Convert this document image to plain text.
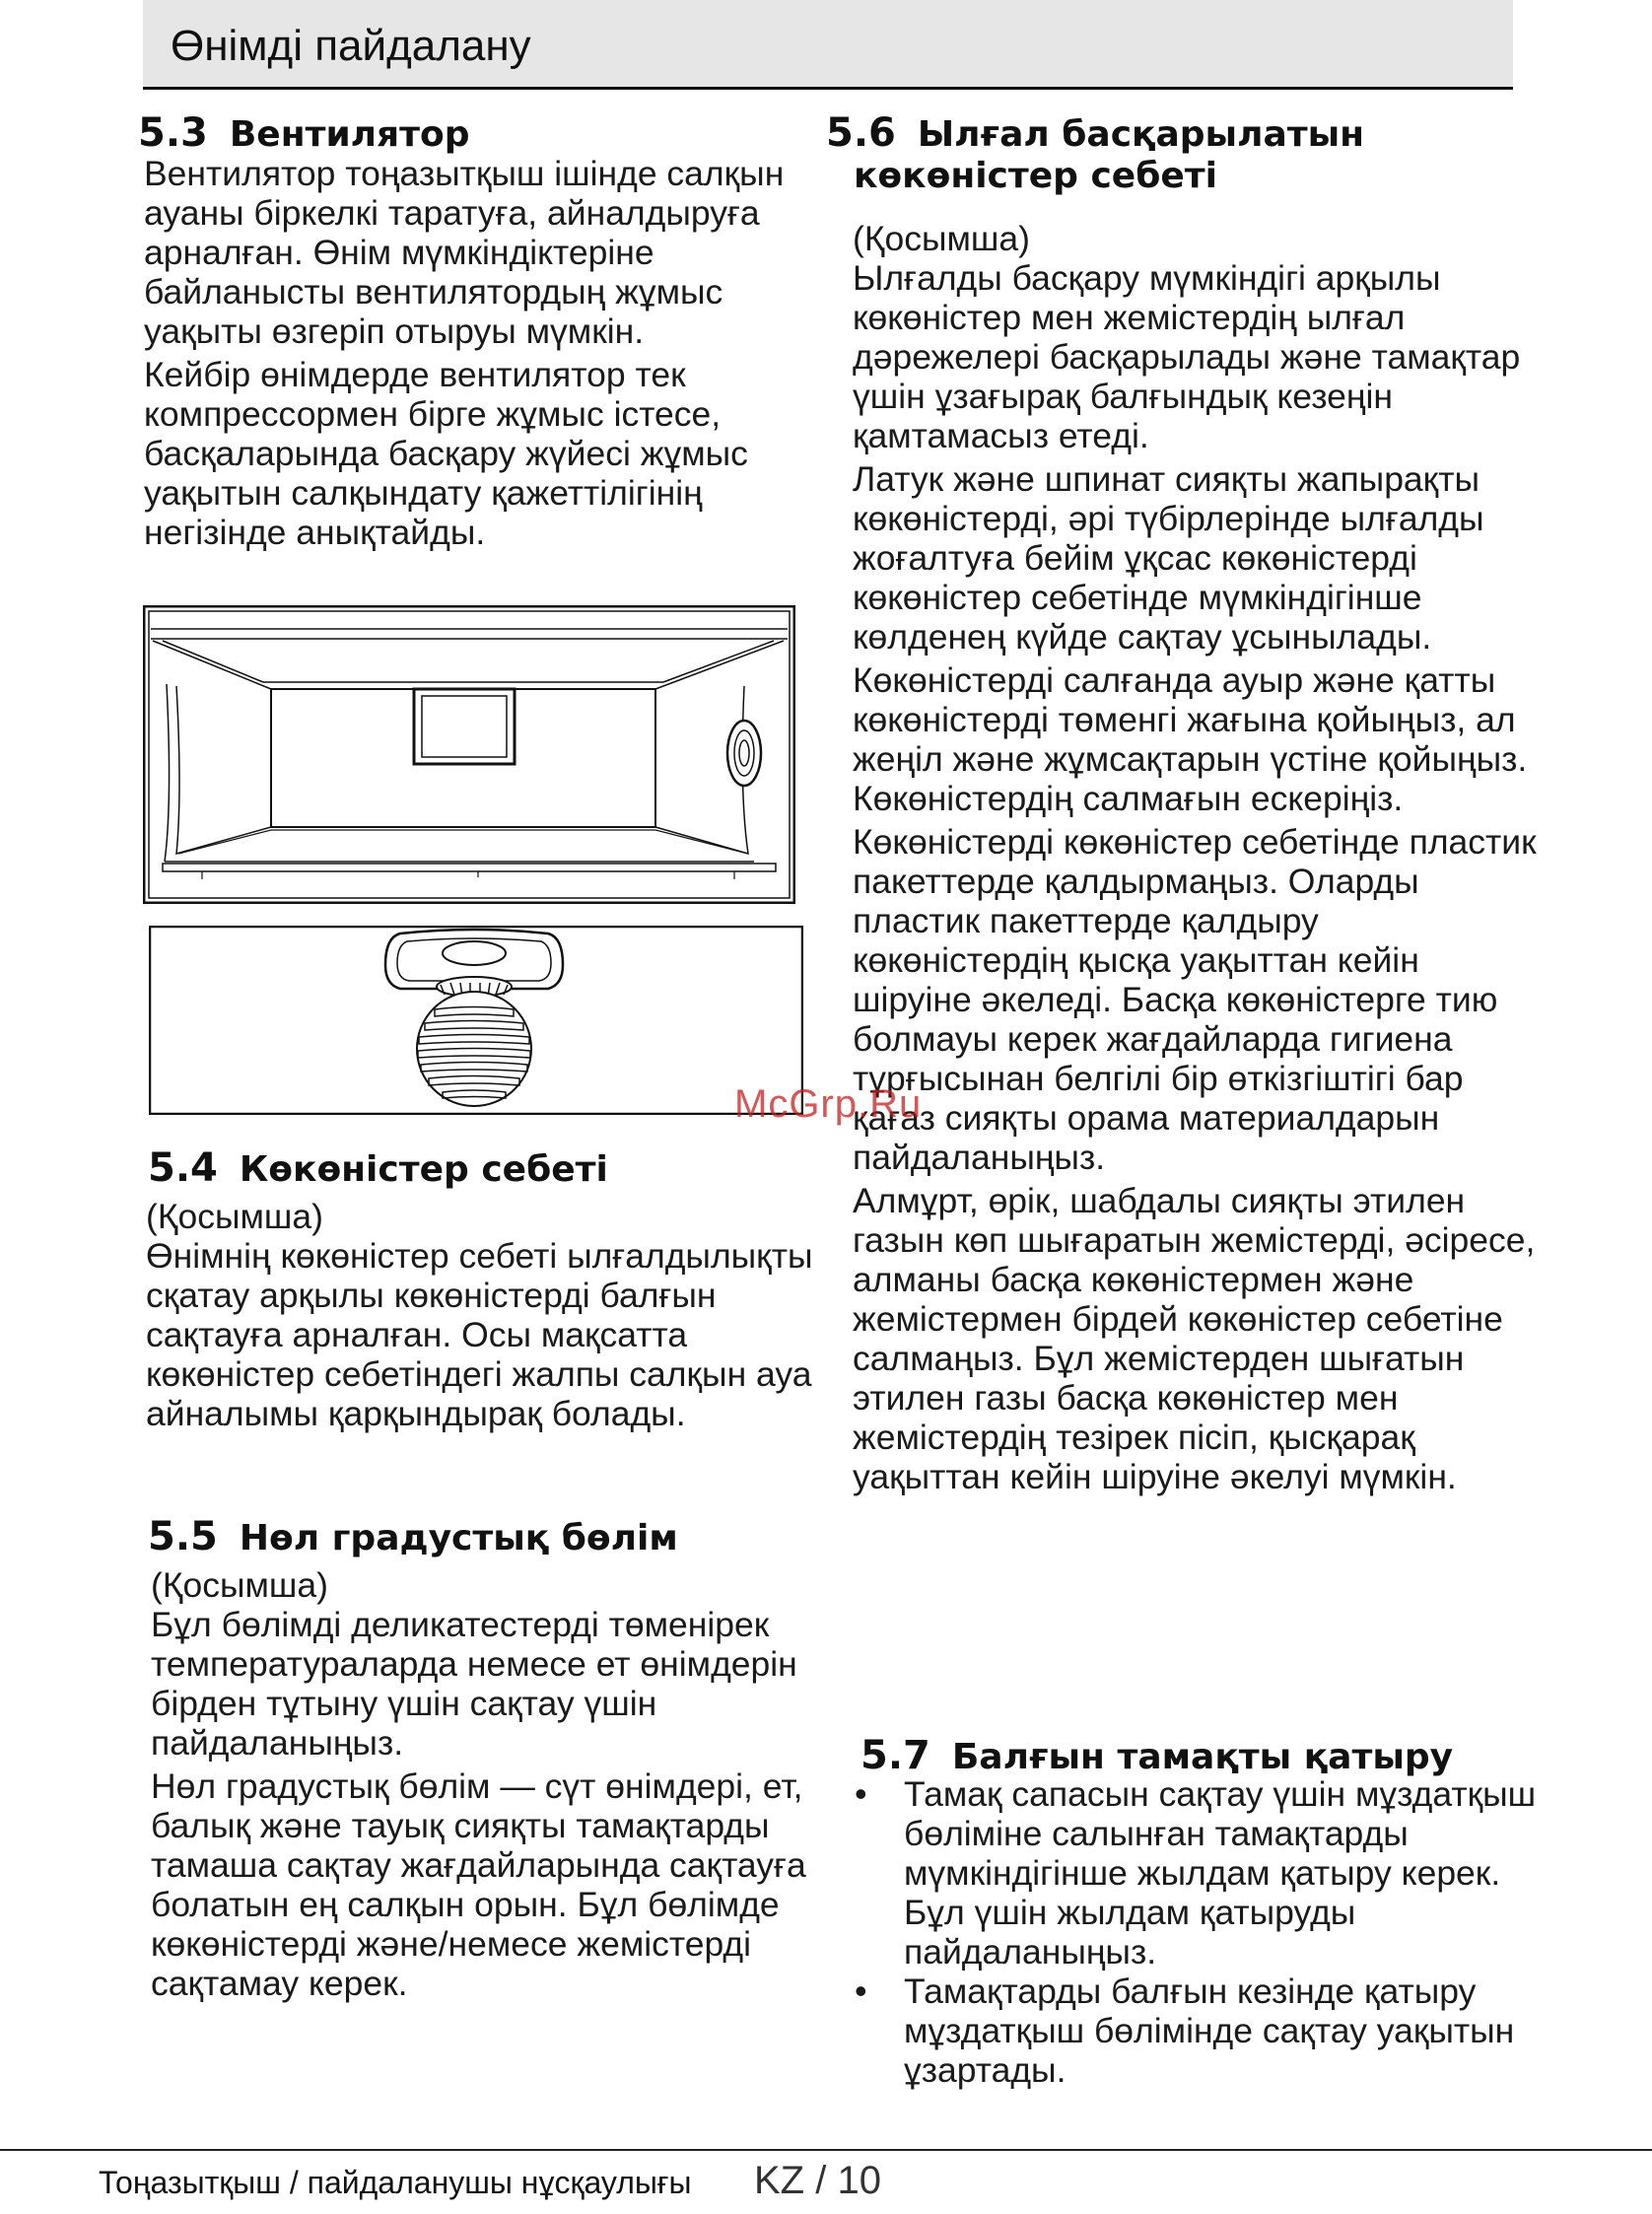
Өнімді пайдалану
5.3 Вентилятор

Вентилятор тоңазытқыш ішінде салқын ауаны біркелкі таратуға, айналдыруға арналған. Өнім мүмкіндіктеріне байланысты вентилятордың жұмыс уақыты өзгеріп отыруы мүмкін.

Кейбір өнімдерде вентилятор тек компрессормен бірге жұмыс істесе, басқаларында басқару жүйесі жұмыс уақытын салқындату қажеттілігінің негізінде анықтайды.

5.4 Көкөністер себеті

(Қосымша)

Өнімнің көкөністер себеті ылғалдылықты сқатау арқылы көкөністерді балғын сақтауға арналған. Осы мақсатта көкөністер себетіндегі жалпы салқын ауа айналымы қарқындырақ болады.

5.5 Нөл градустық бөлім

(Қосымша)

Бұл бөлімді деликатестерді төменірек температураларда немесе ет өнімдерін бірден тұтыну үшін сақтау үшін пайдаланыңыз.

Нөл градустық бөлім — сүт өнімдері, ет, балық және тауық сияқты тамақтарды тамаша сақтау жағдайларында сақтауға болатын ең салқын орын. Бұл бөлімде көкөністерді және/немесе жемістерді сақтамау керек.

5.6 Ылғал басқарылатын
көкөністер себеті

(Қосымша)

Ылғалды басқару мүмкіндігі арқылы көкөністер мен жемістердің ылғал дәрежелері басқарылады және тамақтар үшін ұзағырақ балғындық кезеңін қамтамасыз етеді.

Латук және шпинат сияқты жапырақты көкөністерді, әрі түбірлерінде ылғалды жоғалтуға бейім ұқсас көкөністерді көкөністер себетінде мүмкіндігінше көлденең күйде сақтау ұсынылады.

Көкөністерді салғанда ауыр және қатты көкөністерді төменгі жағына қойыңыз, ал жеңіл және жұмсақтарын үстіне қойыңыз. Көкөністердің салмағын ескеріңіз.

Көкөністерді көкөністер себетінде пластик пакеттерде қалдырмаңыз. Оларды пластик пакеттерде қалдыру көкөністердің қысқа уақыттан кейін шіруіне әкеледі. Басқа көкөністерге тию болмауы керек жағдайларда гигиена тұрғысынан белгілі бір өткізгіштігі бар қағаз сияқты орама материалдарын пайдаланыңыз.

Алмұрт, өрік, шабдалы сияқты этилен газын көп шығаратын жемістерді, әсіресе, алманы басқа көкөністермен және жемістермен бірдей көкөністер себетіне салмаңыз. Бұл жемістерден шығатын этилен газы басқа көкөністер мен жемістердің тезірек пісіп, қысқарақ уақыттан кейін шіруіне әкелуі мүмкін.

5.7 Балғын тамақты қатыру
• Тамақ сапасын сақтау үшін мұздатқыш бөліміне салынған тамақтарды мүмкіндігінше жылдам қатыру керек. Бұл үшін жылдам қатыруды пайдаланыңыз.
• Тамақтарды балғын кезінде қатыру мұздатқыш бөлімінде сақтау уақытын ұзартады.
McGrp.Ru
Тоңазытқыш / пайдаланушы нұсқаулығы	KZ / 10
